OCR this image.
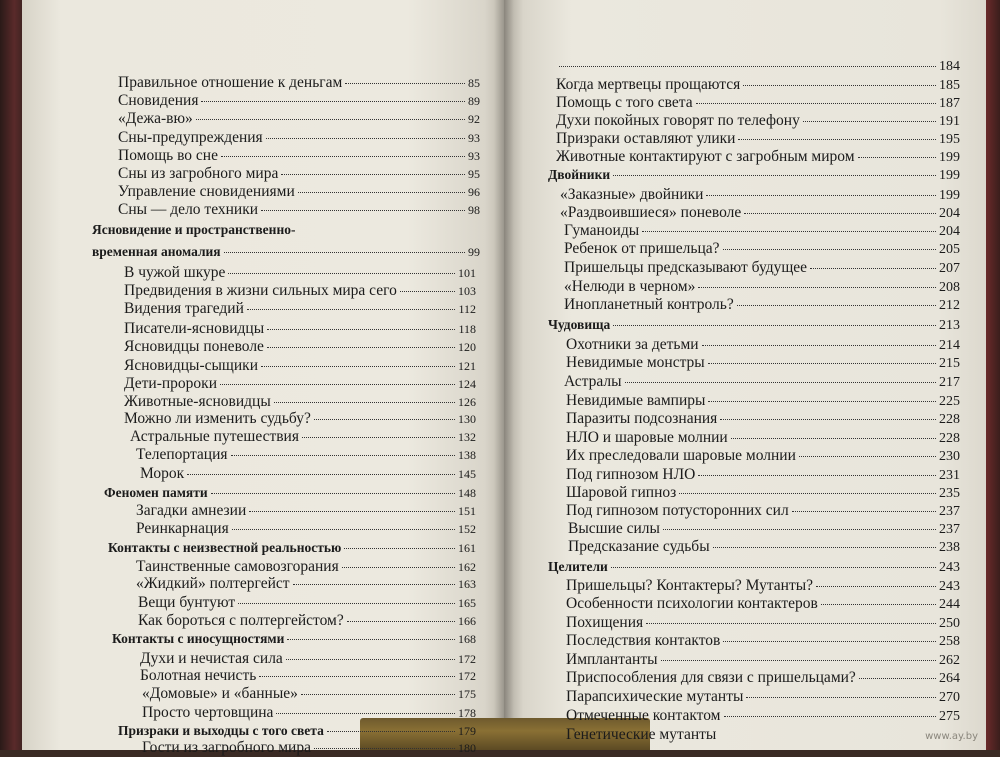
Правильное отношение к деньгам	85
Сновидения	89
«Дежа-вю»	92
Сны-предупреждения	93
Помощь во сне	93
Сны из загробного мира	95
Управление сновидениями	96
Сны — дело техники	98
Ясновидение и пространственно-
временная аномалия	99
В чужой шкуре	101
Предвидения в жизни сильных мира сего	103
Видения трагедий	112
Писатели-ясновидцы	118
Ясновидцы поневоле	120
Ясновидцы-сыщики	121
Дети-пророки	124
Животные-ясновидцы	126
Можно ли изменить судьбу?	130
Астральные путешествия	132
Телепортация	138
Морок	145
Феномен памяти	148
Загадки амнезии	151
Реинкарнация	152
Контакты с неизвестной реальностью	161
Таинственные самовозгорания	162
«Жидкий» полтергейст	163
Вещи бунтуют	165
Как бороться с полтергейстом?	166
Контакты с иносущностями	168
Духи и нечистая сила	172
Болотная нечисть	172
«Домовые» и «банные»	175
Просто чертовщина	178
Призраки и выходцы с того света	179
Гости из загробного мира	180
184
Когда мертвецы прощаются	185
Помощь с того света	187
Духи покойных говорят по телефону	191
Призраки оставляют улики	195
Животные контактируют с загробным миром	199
Двойники	199
«Заказные» двойники	199
«Раздвоившиеся» поневоле	204
Гуманоиды	204
Ребенок от пришельца?	205
Пришельцы предсказывают будущее	207
«Нелюди в черном»	208
Инопланетный контроль?	212
Чудовища	213
Охотники за детьми	214
Невидимые монстры	215
Астралы	217
Невидимые вампиры	225
Паразиты подсознания	228
НЛО и шаровые молнии	228
Их преследовали шаровые молнии	230
Под гипнозом НЛО	231
Шаровой гипноз	235
Под гипнозом потусторонних сил	237
Высшие силы	237
Предсказание судьбы	238
Целители	243
Пришельцы? Контактеры? Мутанты?	243
Особенности психологии контактеров	244
Похищения	250
Последствия контактов	258
Имплантанты	262
Приспособления для связи с пришельцами?	264
Парапсихические мутанты	270
Отмеченные контактом	275
Генетические мутанты	www.ay.by
